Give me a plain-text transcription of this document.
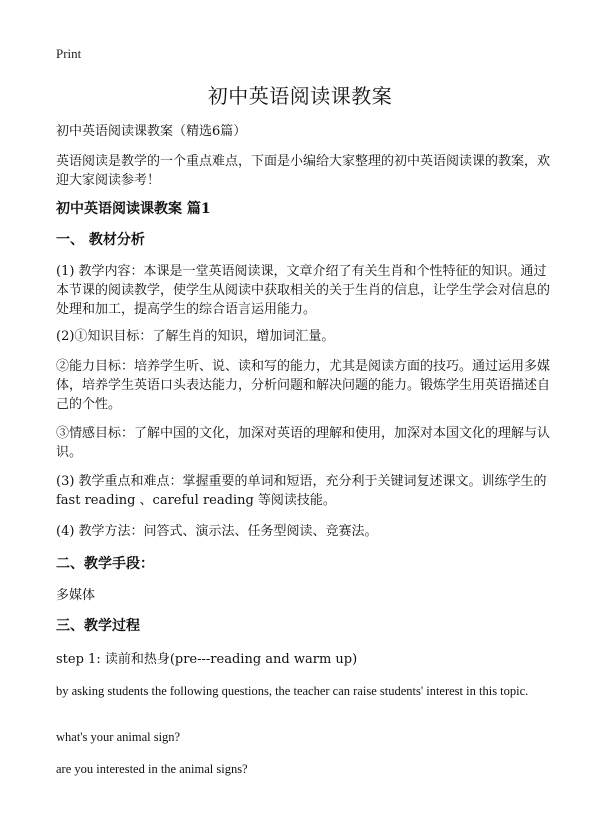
Print
初中英语阅读课教案
初中英语阅读课教案（精选6篇）
英语阅读是教学的一个重点难点，下面是小编给大家整理的初中英语阅读课的教案，欢迎大家阅读参考！
初中英语阅读课教案 篇1
一、 教材分析
(1) 教学内容：本课是一堂英语阅读课，文章介绍了有关生肖和个性特征的知识。通过本节课的阅读教学，使学生从阅读中获取相关的关于生肖的信息，让学生学会对信息的处理和加工，提高学生的综合语言运用能力。
(2)①知识目标：了解生肖的知识，增加词汇量。
②能力目标：培养学生听、说、读和写的能力，尤其是阅读方面的技巧。通过运用多媒体，培养学生英语口头表达能力，分析问题和解决问题的能力。锻炼学生用英语描述自己的个性。
③情感目标：了解中国的文化，加深对英语的理解和使用，加深对本国文化的理解与认识。
(3) 教学重点和难点：掌握重要的单词和短语，充分利于关键词复述课文。训练学生的fast reading 、careful reading 等阅读技能。
(4) 教学方法：问答式、演示法、任务型阅读、竞赛法。
二、教学手段：
多媒体
三、教学过程
step 1: 读前和热身(pre---reading and warm up)
by asking students the following questions, the teacher can raise students' interest in this topic.
what's your animal sign?
are you interested in the animal signs?
